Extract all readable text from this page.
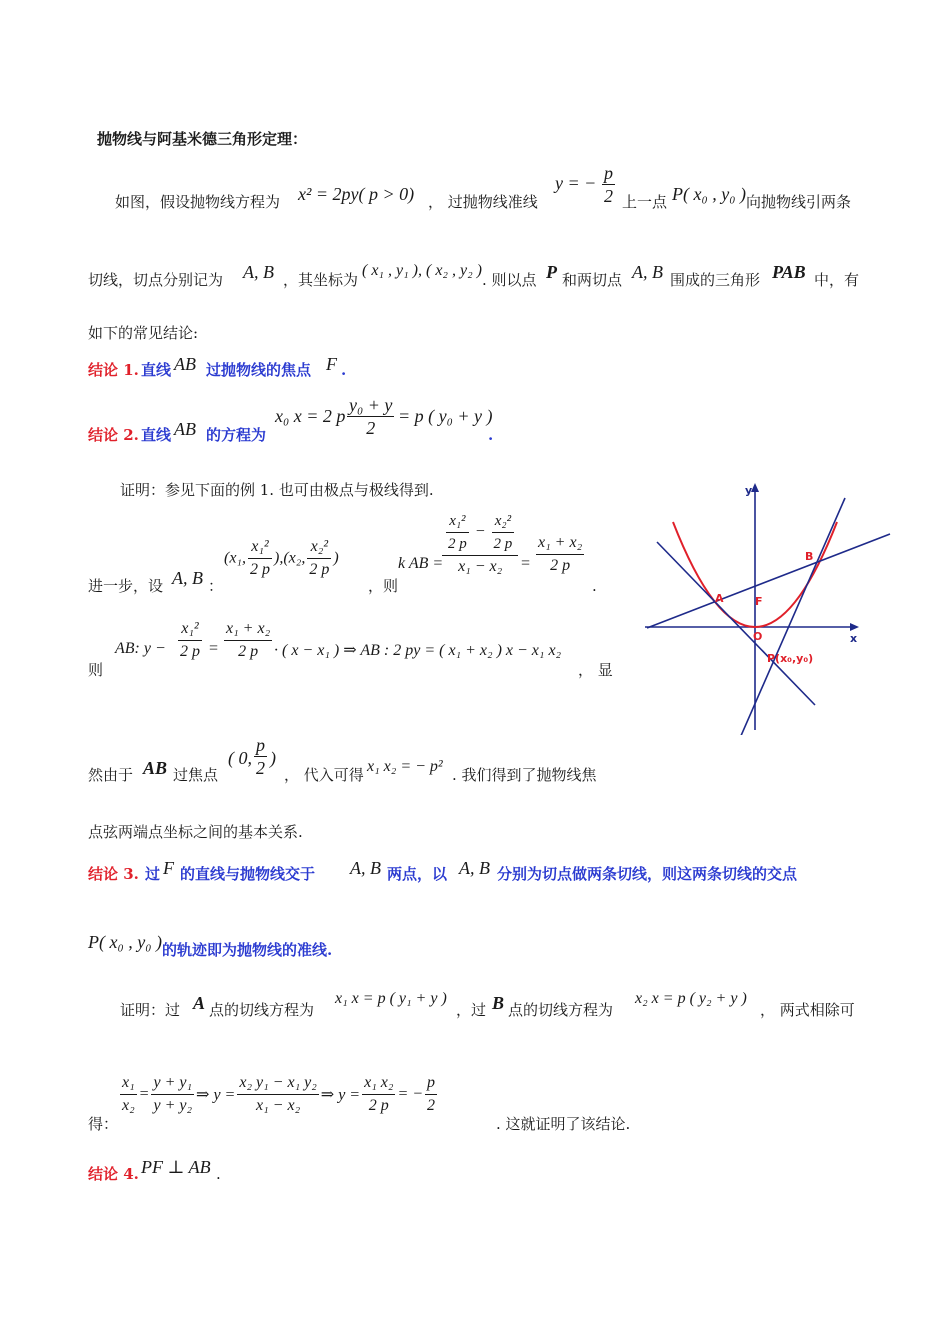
抛物线与阿基米德三角形定理：
如图，假设抛物线方程为 x² = 2py( p > 0) ， 过抛物线准线
y = − $\frac{p}{2}$ 上一点 P( x₀ , y₀ ) 向抛物线引两条
切线，切点分别记为 A, B ，其坐标为
( x₁ , y₁ ), ( x₂ , y₂ )
. 则以点 P 和两切点 A, B 围成的三角形 PAB 中，有
如下的常见结论:
结论 1. 直线 AB 过抛物线的焦点 F .
结论 2. 直线 AB 的方程为
x₀ x = 2 p $\frac{\text{y₀ + y}}{2} = p$ ( y₀ + y )
.
证明：参见下面的例 1. 也可由极点与极线得到.
进一步，设 A, B ：
(x₁, $\frac{\text{x₁²}}{2 p} ),(x_2$, $\frac{\text{x₂²}}{2 p}$ )
，则
k AB =
$\frac{\frac{\text{x₁²}}{2 p} - \frac{\text{x₂²}}{2 p}}{\text{x₁ − x₂}} = \frac{\text{x₁ + x₂}}{2 p}$
.
则
AB: $y - \frac{\text{x₁²}}{2 p} = \frac{\text{x₁ + x₂}}{2 p}$ · ( x − x₁ ) ⇒ AB : 2 py = ( x₁ + x₂ ) x − x₁ x₂
， 显
然由于 AB 过焦点
( 0, $\frac{p}{2}$ )
， 代入可得 x₁ x₂ = − p² . 我们得到了抛物线焦
点弦两端点坐标之间的基本关系.
结论 3. 过 F 的直线与抛物线交于 A, B 两点，以 A, B 分别为切点做两条切线，则这两条切线的交点
P( x₀ , y₀ ) 的轨迹即为抛物线的准线.
证明：过 A 点的切线方程为
x₁ x = p ( y₁ + y )
，过 B 点的切线方程为
x₂ x = p ( y₂ + y )
， 两式相除可
得：
$\frac{\text{x₁}}{\text{x₂}} = \frac{\text{y + y₁}}{\text{y + y₂}}$ ⇒ $y = \frac{\text{x₂ y₁ − x₁ y₂}}{\text{x₁ − x₂}}$ ⇒ $y = \frac{\text{x₁ x₂}}{2 p}$ = − $\frac{p}{2}$
. 这就证明了该结论.
结论 4. PF ⊥ AB .
y
x
A
B
F
O
P(x₀,y₀)
